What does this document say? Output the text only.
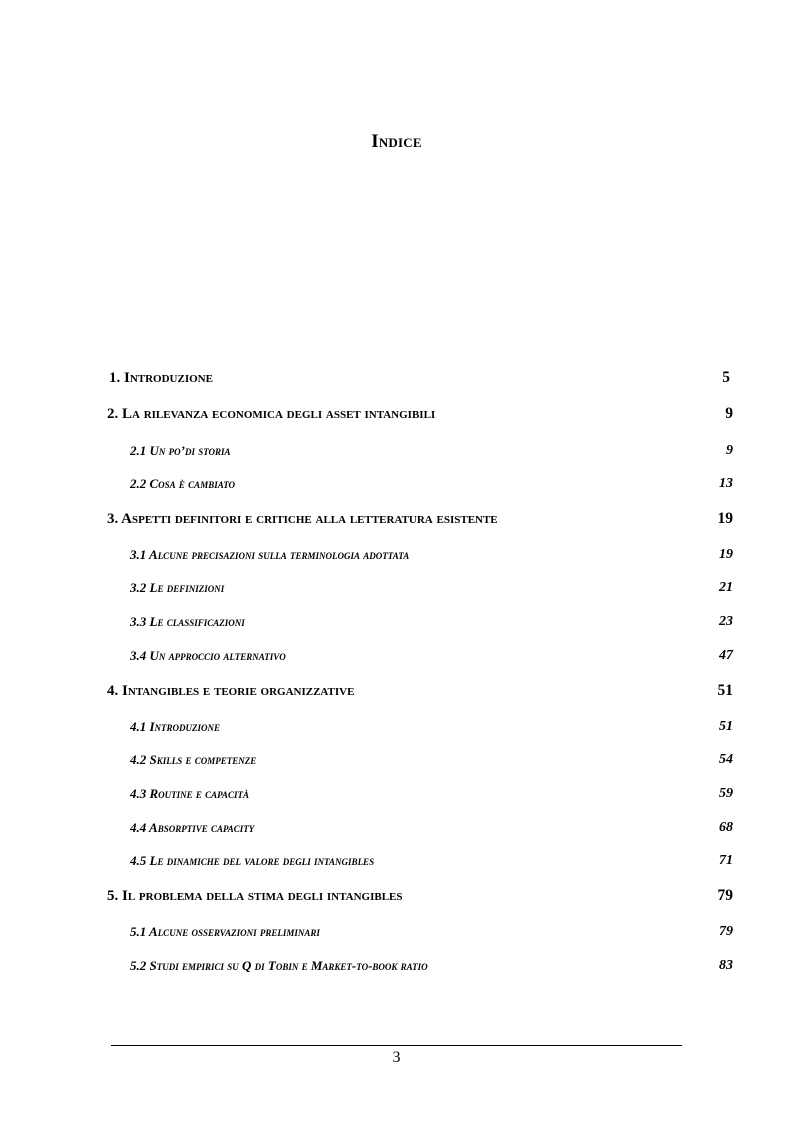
Indice
1. Introduzione	5
2. La rilevanza economica degli asset intangibili	9
2.1 Un po’di storia	9
2.2 Cosa è cambiato	13
3. Aspetti definitori e critiche alla letteratura esistente	19
3.1 Alcune precisazioni sulla terminologia adottata	19
3.2 Le definizioni	21
3.3 Le classificazioni	23
3.4 Un approccio alternativo	47
4. Intangibles e teorie organizzative	51
4.1 Introduzione	51
4.2 Skills e competenze	54
4.3 Routine e capacità	59
4.4 Absorptive capacity	68
4.5 Le dinamiche del valore degli intangibles	71
5. Il problema della stima degli intangibles	79
5.1 Alcune osservazioni preliminari	79
5.2 Studi empirici su Q di Tobin e Market-to-book ratio	83
3
